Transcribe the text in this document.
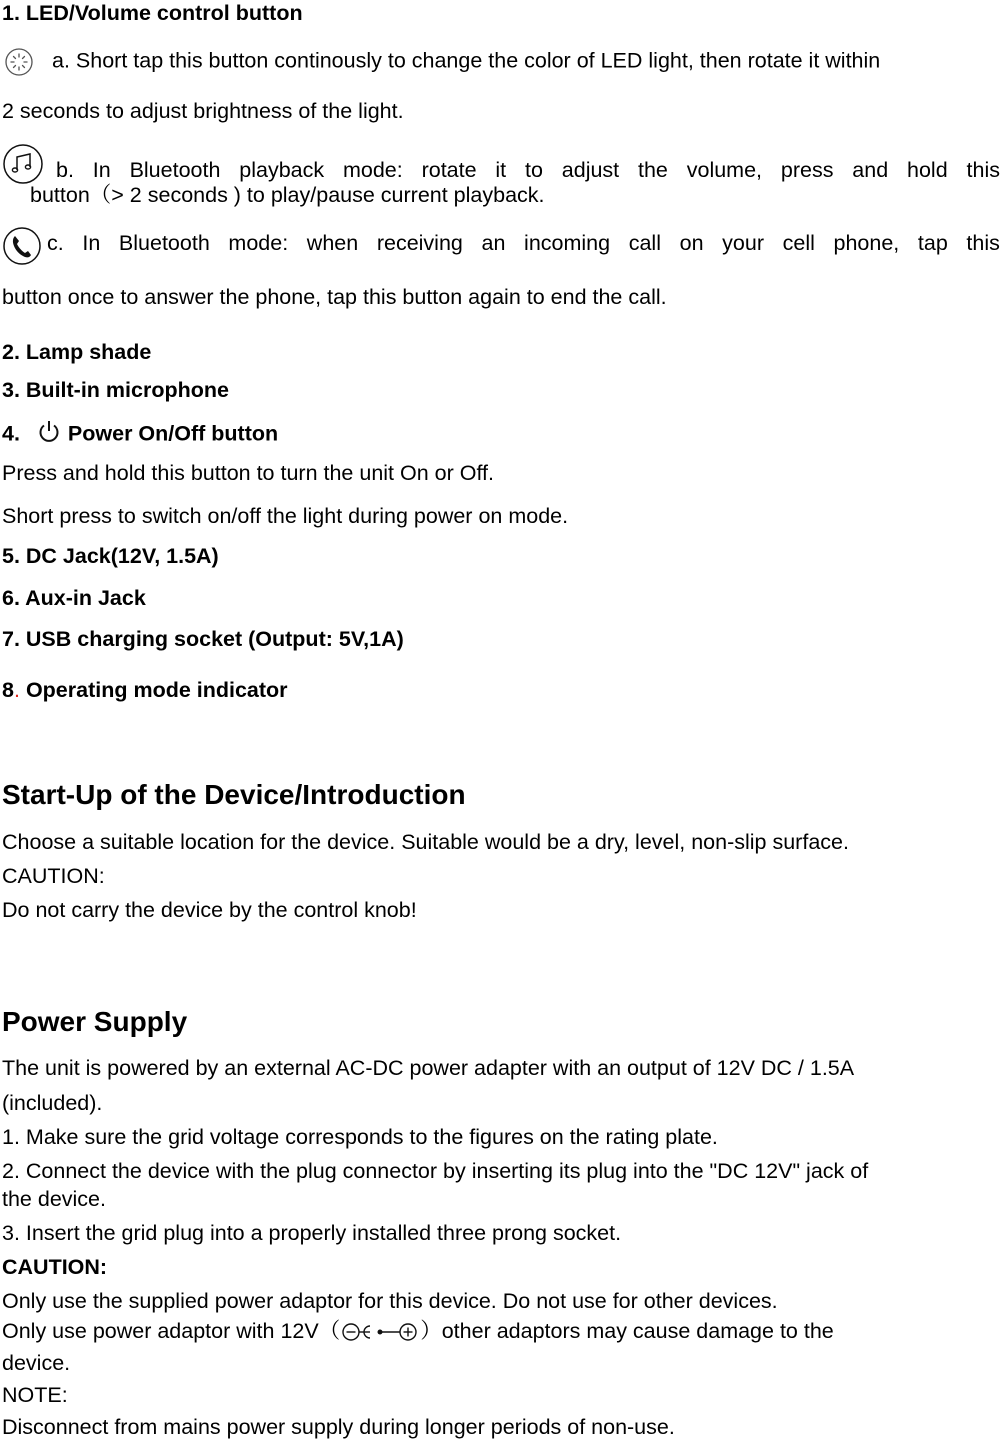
1. LED/Volume control button
a. Short tap this button continously to change the color of LED light, then rotate it within
2 seconds to adjust brightness of the light.
b. In Bluetooth playback mode: rotate it to adjust the volume, press and hold this
button（> 2 seconds ) to play/pause current playback.
c. In Bluetooth mode: when receiving an incoming call on your cell phone, tap this
button once to answer the phone, tap this button again to end the call.
2. Lamp shade
3. Built-in microphone
4. Power On/Off button
Press and hold this button to turn the unit On or Off.
Short press to switch on/off the light during power on mode.
5. DC Jack(12V, 1.5A)
6. Aux-in Jack
7. USB charging socket (Output: 5V,1A)
8. Operating mode indicator
Start-Up of the Device/Introduction
Choose a suitable location for the device. Suitable would be a dry, level, non-slip surface.
CAUTION:
Do not carry the device by the control knob!
Power Supply
The unit is powered by an external AC-DC power adapter with an output of 12V DC / 1.5A
(included).
1. Make sure the grid voltage corresponds to the figures on the rating plate.
2. Connect the device with the plug connector by inserting its plug into the "DC 12V" jack of
the device.
3. Insert the grid plug into a properly installed three prong socket.
CAUTION:
Only use the supplied power adaptor for this device. Do not use for other devices.
Only use power adaptor with 12V（	）other adaptors may cause damage to the
device.
NOTE:
Disconnect from mains power supply during longer periods of non-use.
